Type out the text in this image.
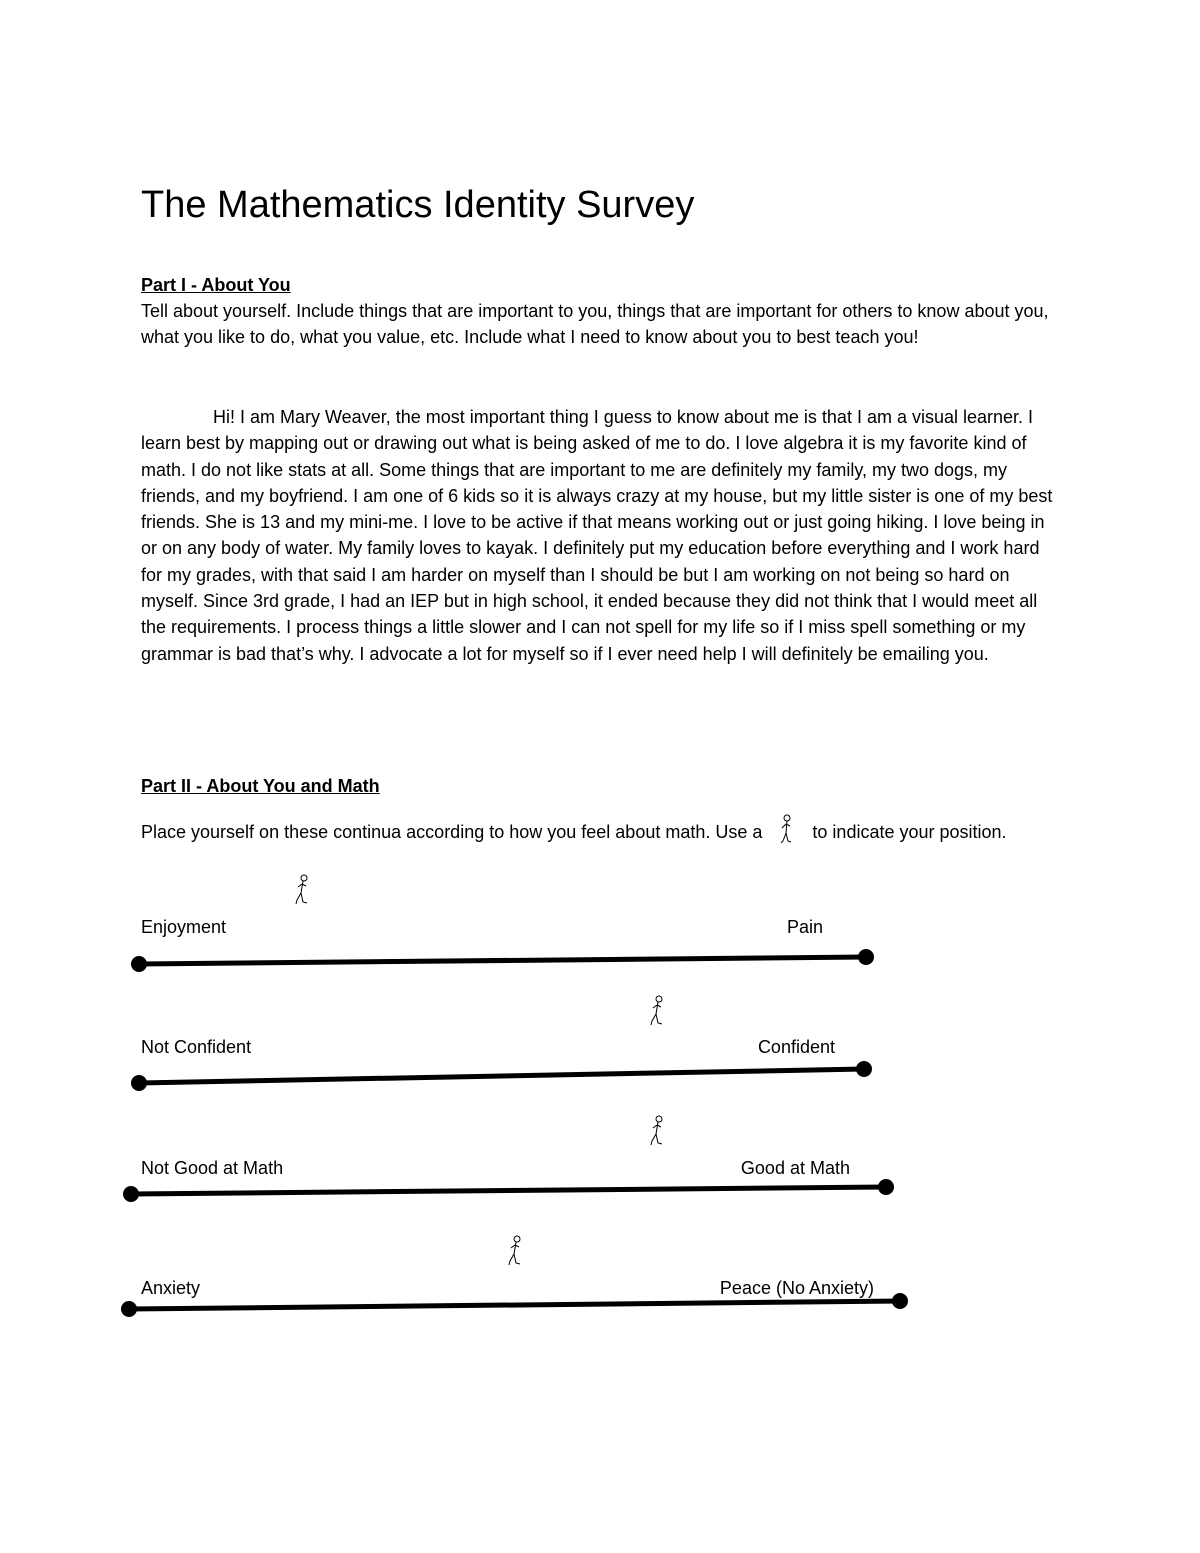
The Mathematics Identity Survey

Part I - About You

Tell about yourself. Include things that are important to you, things that are important for others to know about you, what you like to do, what you value, etc. Include what I need to know about you to best teach you!

Hi! I am Mary Weaver, the most important thing I guess to know about me is that I am a visual learner. I learn best by mapping out or drawing out what is being asked of me to do. I love algebra it is my favorite kind of math. I do not like stats at all. Some things that are important to me are definitely my family, my two dogs, my friends, and my boyfriend. I am one of 6 kids so it is always crazy at my house, but my little sister is one of my best friends. She is 13 and my mini-me. I love to be active if that means working out or just going hiking. I love being in or on any body of water. My family loves to kayak. I definitely put my education before everything and I work hard for my grades, with that said I am harder on myself than I should be but I am working on not being so hard on myself. Since 3rd grade, I had an IEP but in high school, it ended because they did not think that I would meet all the requirements. I process things a little slower and I can not spell for my life so if I miss spell something or my grammar is bad that’s why. I advocate a lot for myself so if I ever need help I will definitely be emailing you.

Part II - About You and Math

Place yourself on these continua according to how you feel about math. Use a	to indicate your position.

Enjoyment	Pain
Not Confident	Confident
Not Good at Math	Good at Math
Anxiety	Peace (No Anxiety)
